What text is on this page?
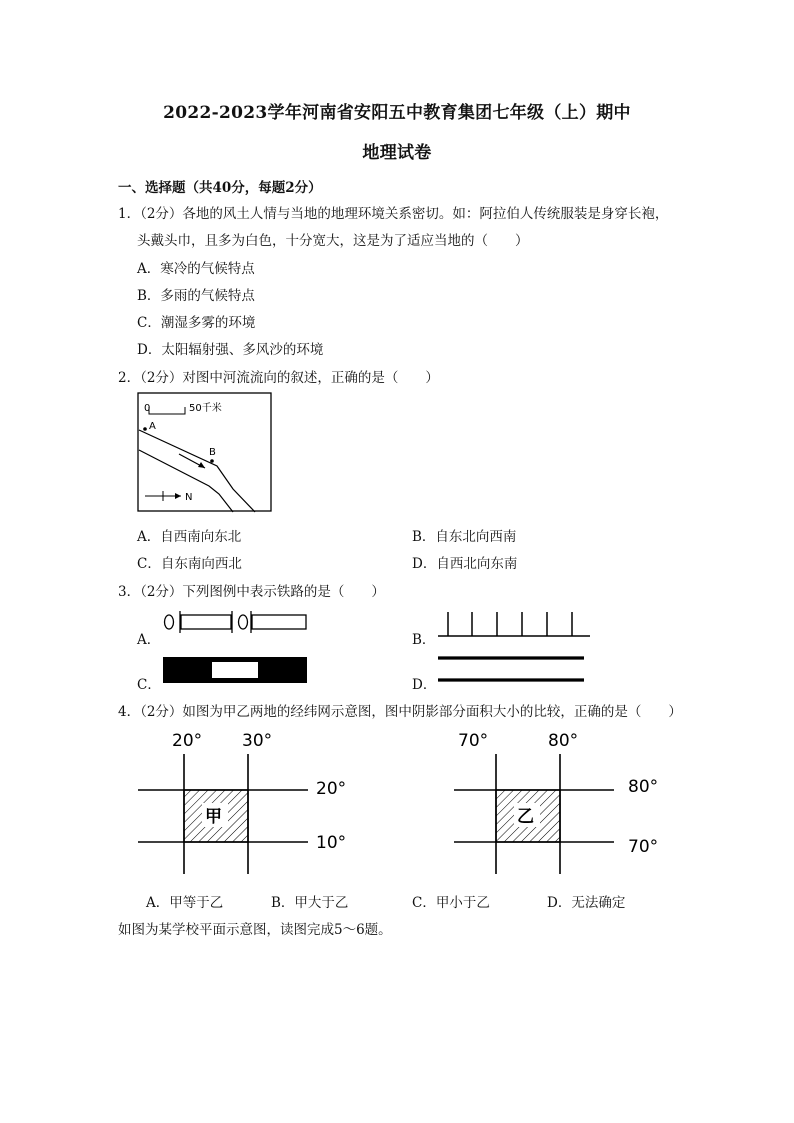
2022-2023学年河南省安阳五中教育集团七年级（上）期中
地理试卷
一、选择题（共40分，每题2分）
1．（2分）各地的风土人情与当地的地理环境关系密切。如：阿拉伯人传统服装是身穿长袍，
头戴头巾，且多为白色，十分宽大，这是为了适应当地的（　　）
A．寒冷的气候特点
B．多雨的气候特点
C．潮湿多雾的环境
D．太阳辐射强、多风沙的环境
2．（2分）对图中河流流向的叙述，正确的是（　　）
0	50千米
A
B
N
A．自西南向东北	B．自东北向西南
C．自东南向西北	D．自西北向东南
3．（2分）下列图例中表示铁路的是（　　）
A．	B．
C．	D．
4．（2分）如图为甲乙两地的经纬网示意图，图中阴影部分面积大小的比较，正确的是（　　）
20° 30°
20°
10°
甲
70°	80°
80°
70°
乙
A．甲等于乙	B．甲大于乙	C．甲小于乙	D．无法确定
如图为某学校平面示意图，读图完成5～6题。
